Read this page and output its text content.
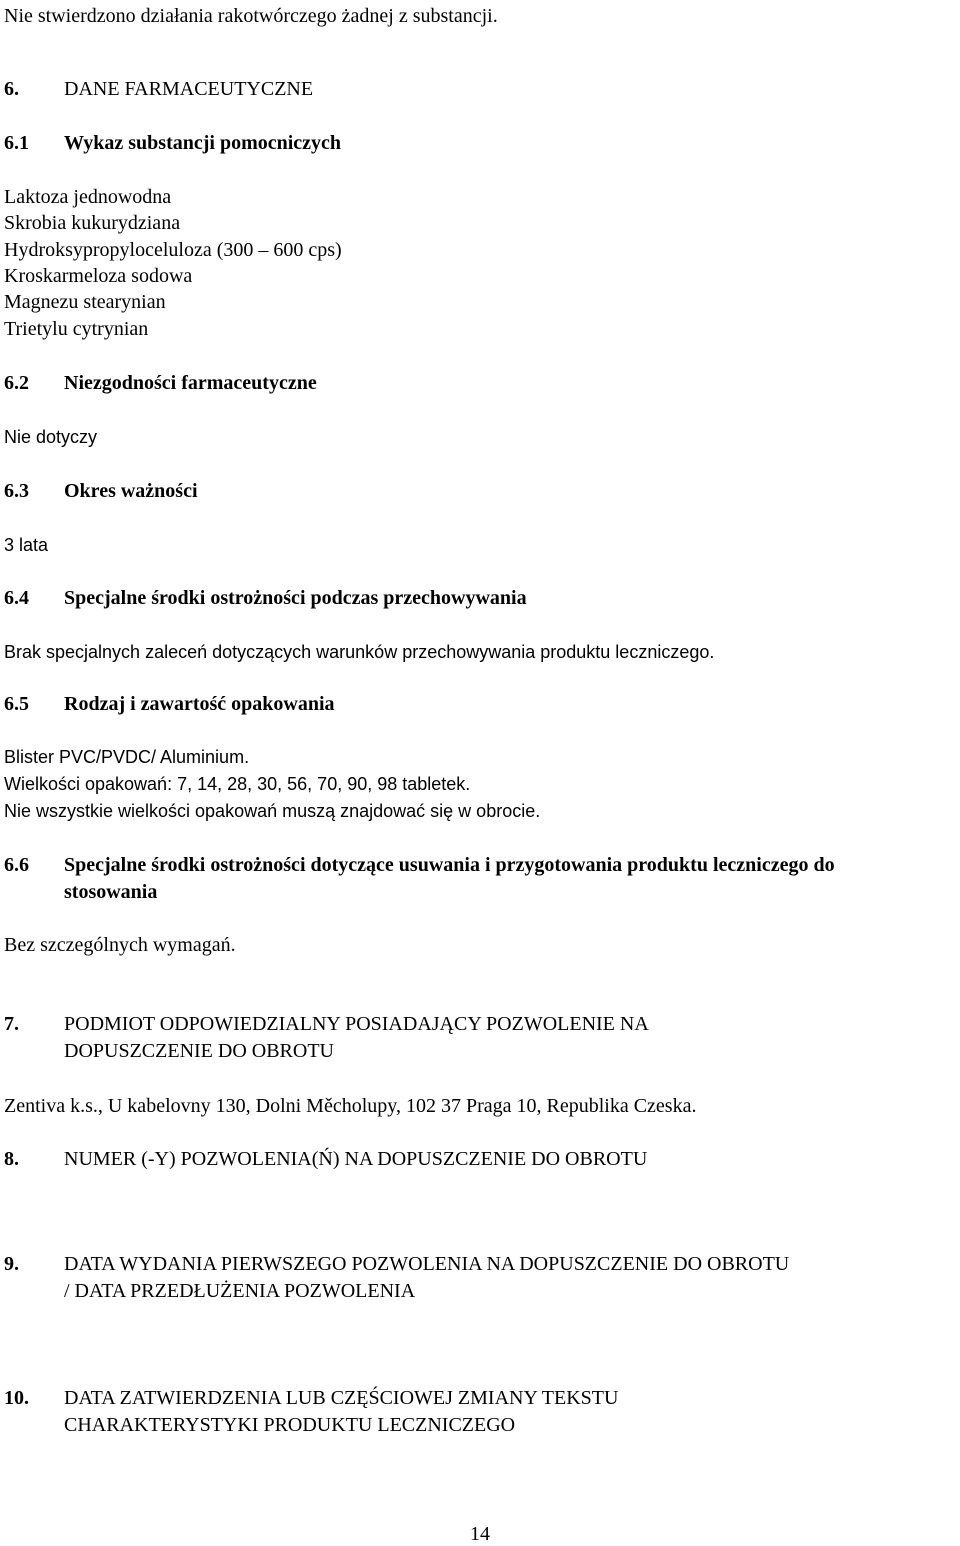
Nie stwierdzono działania rakotwórczego żadnej z substancji.
6. DANE FARMACEUTYCZNE
6.1 Wykaz substancji pomocniczych
Laktoza jednowodna
Skrobia kukurydziana
Hydroksypropyloceluloza (300 – 600 cps)
Kroskarmeloza sodowa
Magnezu stearynian
Trietylu cytrynian
6.2 Niezgodności farmaceutyczne
Nie dotyczy
6.3 Okres ważności
3 lata
6.4 Specjalne środki ostrożności podczas przechowywania
Brak specjalnych zaleceń dotyczących warunków przechowywania produktu leczniczego.
6.5 Rodzaj i zawartość opakowania
Blister PVC/PVDC/ Aluminium.
Wielkości opakowań: 7, 14, 28, 30, 56, 70, 90, 98 tabletek.
Nie wszystkie wielkości opakowań muszą znajdować się w obrocie.
6.6 Specjalne środki ostrożności dotyczące usuwania i przygotowania produktu leczniczego do
stosowania
Bez szczególnych wymagań.
7. PODMIOT ODPOWIEDZIALNY POSIADAJĄCY POZWOLENIE NA
DOPUSZCZENIE DO OBROTU
Zentiva k.s., U kabelovny 130, Dolni Měcholupy, 102 37 Praga 10, Republika Czeska.
8. NUMER (-Y) POZWOLENIA(Ń) NA DOPUSZCZENIE DO OBROTU
9. DATA WYDANIA PIERWSZEGO POZWOLENIA NA DOPUSZCZENIE DO OBROTU
/ DATA PRZEDŁUŻENIA POZWOLENIA
10. DATA ZATWIERDZENIA LUB CZĘŚCIOWEJ ZMIANY TEKSTU
CHARAKTERYSTYKI PRODUKTU LECZNICZEGO
14
